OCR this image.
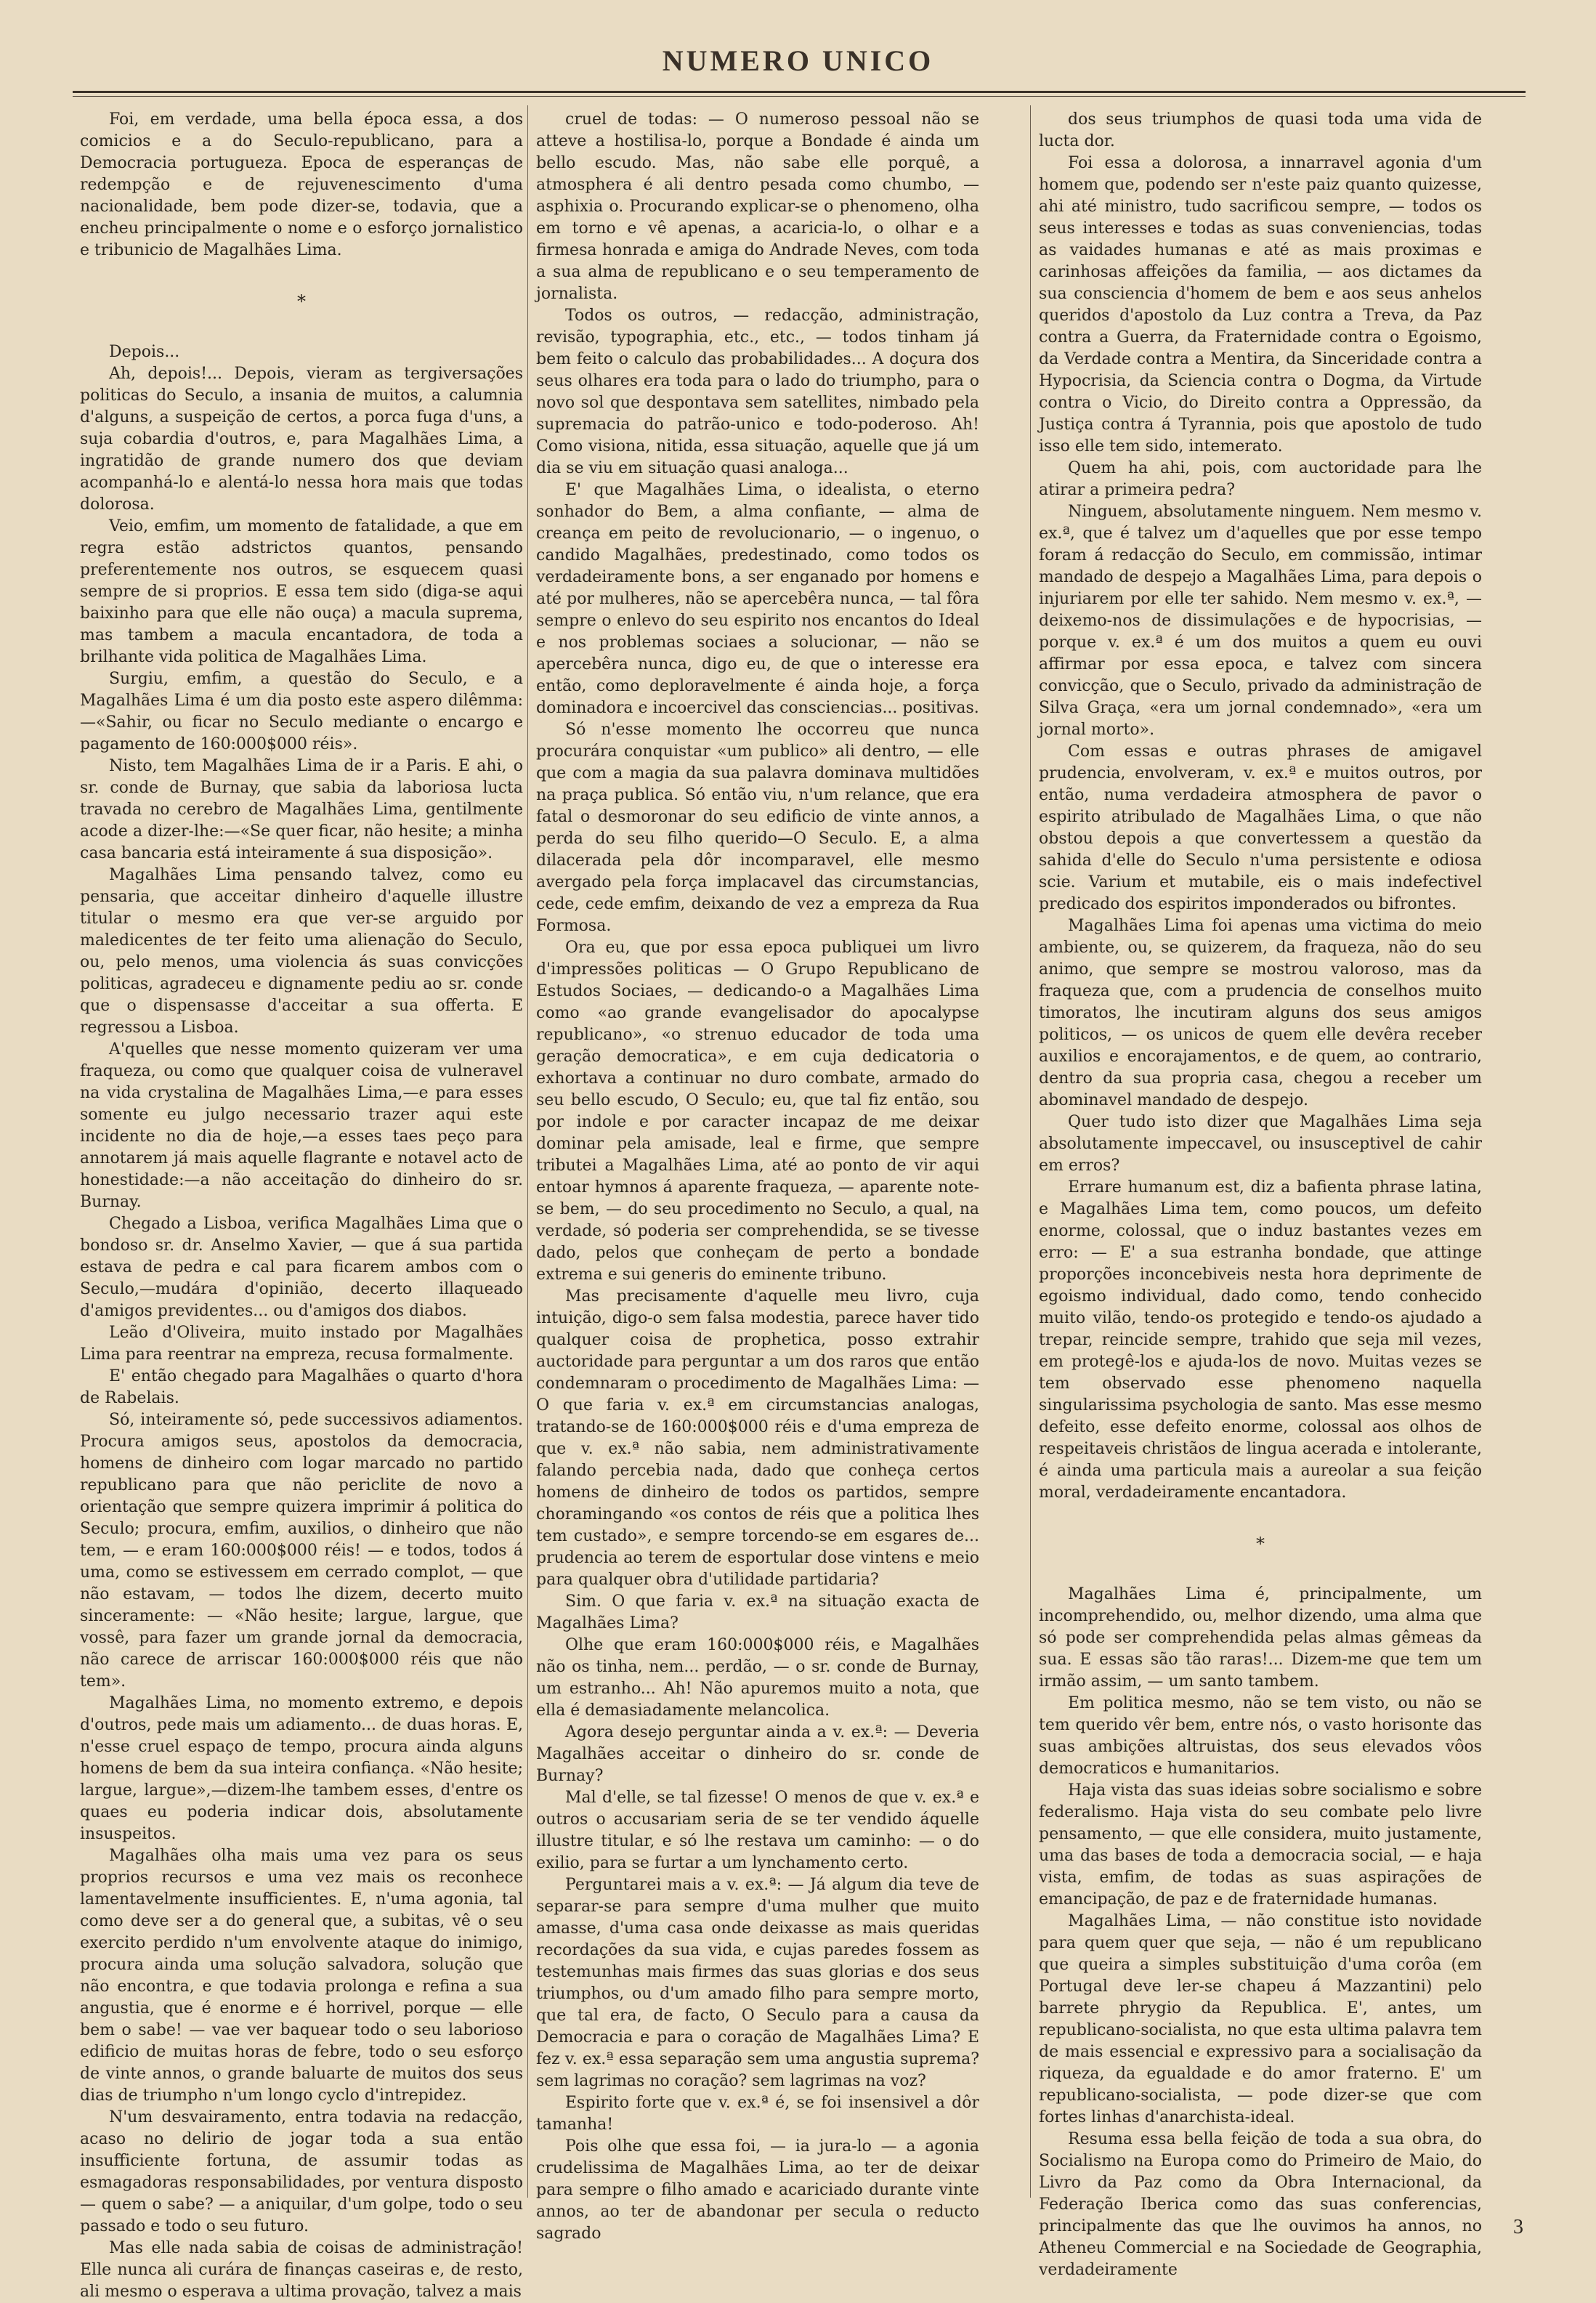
NUMERO UNICO

Foi, em verdade, uma bella época essa, a dos comicios e a do Seculo-republicano, para a Democracia portugueza. Epoca de esperanças de redempção e de rejuvenescimento d'uma nacionalidade, bem pode dizer-se, todavia, que a encheu principalmente o nome e o esforço jornalistico e tribunicio de Magalhães Lima.

*

Depois...

Ah, depois!... Depois, vieram as tergiversações politicas do Seculo, a insania de muitos, a calumnia d'alguns, a suspeição de certos, a porca fuga d'uns, a suja cobardia d'outros, e, para Magalhães Lima, a ingratidão de grande numero dos que deviam acompanhá-lo e alentá-lo nessa hora mais que todas dolorosa.

Veio, emfim, um momento de fatalidade, a que em regra estão adstrictos quantos, pensando preferentemente nos outros, se esquecem quasi sempre de si proprios. E essa tem sido (diga-se aqui baixinho para que elle não ouça) a macula suprema, mas tambem a macula encantadora, de toda a brilhante vida politica de Magalhães Lima.

Surgiu, emfim, a questão do Seculo, e a Magalhães Lima é um dia posto este aspero dilêmma:—«Sahir, ou ficar no Seculo mediante o encargo e pagamento de 160:000$000 réis».

Nisto, tem Magalhães Lima de ir a Paris. E ahi, o sr. conde de Burnay, que sabia da laboriosa lucta travada no cerebro de Magalhães Lima, gentilmente acode a dizer-lhe:—«Se quer ficar, não hesite; a minha casa bancaria está inteiramente á sua disposição».

Magalhães Lima pensando talvez, como eu pensaria, que acceitar dinheiro d'aquelle illustre titular o mesmo era que ver-se arguido por maledicentes de ter feito uma alienação do Seculo, ou, pelo menos, uma violencia ás suas convicções politicas, agradeceu e dignamente pediu ao sr. conde que o dispensasse d'acceitar a sua offerta. E regressou a Lisboa.

A'quelles que nesse momento quizeram ver uma fraqueza, ou como que qualquer coisa de vulneravel na vida crystalina de Magalhães Lima,—e para esses somente eu julgo necessario trazer aqui este incidente no dia de hoje,—a esses taes peço para annotarem já mais aquelle flagrante e notavel acto de honestidade:—a não acceitação do dinheiro do sr. Burnay.

Chegado a Lisboa, verifica Magalhães Lima que o bondoso sr. dr. Anselmo Xavier, — que á sua partida estava de pedra e cal para ficarem ambos com o Seculo,—mudára d'opinião, decerto illaqueado d'amigos previdentes... ou d'amigos dos diabos.

Leão d'Oliveira, muito instado por Magalhães Lima para reentrar na empreza, recusa formalmente.

E' então chegado para Magalhães o quarto d'hora de Rabelais.

Só, inteiramente só, pede successivos adiamentos. Procura amigos seus, apostolos da democracia, homens de dinheiro com logar marcado no partido republicano para que não periclite de novo a orientação que sempre quizera imprimir á politica do Seculo; procura, emfim, auxilios, o dinheiro que não tem, — e eram 160:000$000 réis! — e todos, todos á uma, como se estivessem em cerrado complot, — que não estavam, — todos lhe dizem, decerto muito sinceramente: — «Não hesite; largue, largue, que vossê, para fazer um grande jornal da democracia, não carece de arriscar 160:000$000 réis que não tem».

Magalhães Lima, no momento extremo, e depois d'outros, pede mais um adiamento... de duas horas. E, n'esse cruel espaço de tempo, procura ainda alguns homens de bem da sua inteira confiança. «Não hesite; largue, largue»,—dizem-lhe tambem esses, d'entre os quaes eu poderia indicar dois, absolutamente insuspeitos.

Magalhães olha mais uma vez para os seus proprios recursos e uma vez mais os reconhece lamentavelmente insufficientes. E, n'uma agonia, tal como deve ser a do general que, a subitas, vê o seu exercito perdido n'um envolvente ataque do inimigo, procura ainda uma solução salvadora, solução que não encontra, e que todavia prolonga e refina a sua angustia, que é enorme e é horrivel, porque — elle bem o sabe! — vae ver baquear todo o seu laborioso edificio de muitas horas de febre, todo o seu esforço de vinte annos, o grande baluarte de muitos dos seus dias de triumpho n'um longo cyclo d'intrepidez.

N'um desvairamento, entra todavia na redacção, acaso no delirio de jogar toda a sua então insufficiente fortuna, de assumir todas as esmagadoras responsabilidades, por ventura disposto — quem o sabe? — a aniquilar, d'um golpe, todo o seu passado e todo o seu futuro.

Mas elle nada sabia de coisas de administração! Elle nunca ali curára de finanças caseiras e, de resto, ali mesmo o esperava a ultima provação, talvez a mais

cruel de todas: — O numeroso pessoal não se atteve a hostilisa-lo, porque a Bondade é ainda um bello escudo. Mas, não sabe elle porquê, a atmosphera é ali dentro pesada como chumbo, — asphixia o. Procurando explicar-se o phenomeno, olha em torno e vê apenas, a acaricia-lo, o olhar e a firmesa honrada e amiga do Andrade Neves, com toda a sua alma de republicano e o seu temperamento de jornalista.

Todos os outros, — redacção, administração, revisão, typographia, etc., etc., — todos tinham já bem feito o calculo das probabilidades... A doçura dos seus olhares era toda para o lado do triumpho, para o novo sol que despontava sem satellites, nimbado pela supremacia do patrão-unico e todo-poderoso. Ah! Como visiona, nitida, essa situação, aquelle que já um dia se viu em situação quasi analoga...

E' que Magalhães Lima, o idealista, o eterno sonhador do Bem, a alma confiante, — alma de creança em peito de revolucionario, — o ingenuo, o candido Magalhães, predestinado, como todos os verdadeiramente bons, a ser enganado por homens e até por mulheres, não se apercebêra nunca, — tal fôra sempre o enlevo do seu espirito nos encantos do Ideal e nos problemas sociaes a solucionar, — não se apercebêra nunca, digo eu, de que o interesse era então, como deploravelmente é ainda hoje, a força dominadora e incoercivel das consciencias... positivas.

Só n'esse momento lhe occorreu que nunca procurára conquistar «um publico» ali dentro, — elle que com a magia da sua palavra dominava multidões na praça publica. Só então viu, n'um relance, que era fatal o desmoronar do seu edificio de vinte annos, a perda do seu filho querido—O Seculo. E, a alma dilacerada pela dôr incomparavel, elle mesmo avergado pela força implacavel das circumstancias, cede, cede emfim, deixando de vez a empreza da Rua Formosa.

Ora eu, que por essa epoca publiquei um livro d'impressões politicas — O Grupo Republicano de Estudos Sociaes, — dedicando-o a Magalhães Lima como «ao grande evangelisador do apocalypse republicano», «o strenuo educador de toda uma geração democratica», e em cuja dedicatoria o exhortava a continuar no duro combate, armado do seu bello escudo, O Seculo; eu, que tal fiz então, sou por indole e por caracter incapaz de me deixar dominar pela amisade, leal e firme, que sempre tributei a Magalhães Lima, até ao ponto de vir aqui entoar hymnos á aparente fraqueza, — aparente note-se bem, — do seu procedimento no Seculo, a qual, na verdade, só poderia ser comprehendida, se se tivesse dado, pelos que conheçam de perto a bondade extrema e sui generis do eminente tribuno.

Mas precisamente d'aquelle meu livro, cuja intuição, digo-o sem falsa modestia, parece haver tido qualquer coisa de prophetica, posso extrahir auctoridade para perguntar a um dos raros que então condemnaram o procedimento de Magalhães Lima: — O que faria v. ex.ª em circumstancias analogas, tratando-se de 160:000$000 réis e d'uma empreza de que v. ex.ª não sabia, nem administrativamente falando percebia nada, dado que conheça certos homens de dinheiro de todos os partidos, sempre choramingando «os contos de réis que a politica lhes tem custado», e sempre torcendo-se em esgares de... prudencia ao terem de esportular dose vintens e meio para qualquer obra d'utilidade partidaria?

Sim. O que faria v. ex.ª na situação exacta de Magalhães Lima?

Olhe que eram 160:000$000 réis, e Magalhães não os tinha, nem... perdão, — o sr. conde de Burnay, um estranho... Ah! Não apuremos muito a nota, que ella é demasiadamente melancolica.

Agora desejo perguntar ainda a v. ex.ª: — Deveria Magalhães acceitar o dinheiro do sr. conde de Burnay?

Mal d'elle, se tal fizesse! O menos de que v. ex.ª e outros o accusariam seria de se ter vendido áquelle illustre titular, e só lhe restava um caminho: — o do exilio, para se furtar a um lynchamento certo.

Perguntarei mais a v. ex.ª: — Já algum dia teve de separar-se para sempre d'uma mulher que muito amasse, d'uma casa onde deixasse as mais queridas recordações da sua vida, e cujas paredes fossem as testemunhas mais firmes das suas glorias e dos seus triumphos, ou d'um amado filho para sempre morto, que tal era, de facto, O Seculo para a causa da Democracia e para o coração de Magalhães Lima? E fez v. ex.ª essa separação sem uma angustia suprema? sem lagrimas no coração? sem lagrimas na voz?

Espirito forte que v. ex.ª é, se foi insensivel a dôr tamanha!

Pois olhe que essa foi, — ia jura-lo — a agonia crudelissima de Magalhães Lima, ao ter de deixar para sempre o filho amado e acariciado durante vinte annos, ao ter de abandonar per secula o reducto sagrado

dos seus triumphos de quasi toda uma vida de lucta dor.

Foi essa a dolorosa, a innarravel agonia d'um homem que, podendo ser n'este paiz quanto quizesse, ahi até ministro, tudo sacrificou sempre, — todos os seus interesses e todas as suas conveniencias, todas as vaidades humanas e até as mais proximas e carinhosas affeições da familia, — aos dictames da sua consciencia d'homem de bem e aos seus anhelos queridos d'apostolo da Luz contra a Treva, da Paz contra a Guerra, da Fraternidade contra o Egoismo, da Verdade contra a Mentira, da Sinceridade contra a Hypocrisia, da Sciencia contra o Dogma, da Virtude contra o Vicio, do Direito contra a Oppressão, da Justiça contra á Tyrannia, pois que apostolo de tudo isso elle tem sido, intemerato.

Quem ha ahi, pois, com auctoridade para lhe atirar a primeira pedra?

Ninguem, absolutamente ninguem. Nem mesmo v. ex.ª, que é talvez um d'aquelles que por esse tempo foram á redacção do Seculo, em commissão, intimar mandado de despejo a Magalhães Lima, para depois o injuriarem por elle ter sahido. Nem mesmo v. ex.ª, — deixemo-nos de dissimulações e de hypocrisias, — porque v. ex.ª é um dos muitos a quem eu ouvi affirmar por essa epoca, e talvez com sincera convicção, que o Seculo, privado da administração de Silva Graça, «era um jornal condemnado», «era um jornal morto».

Com essas e outras phrases de amigavel prudencia, envolveram, v. ex.ª e muitos outros, por então, numa verdadeira atmosphera de pavor o espirito atribulado de Magalhães Lima, o que não obstou depois a que convertessem a questão da sahida d'elle do Seculo n'uma persistente e odiosa scie. Varium et mutabile, eis o mais indefectivel predicado dos espiritos imponderados ou bifrontes.

Magalhães Lima foi apenas uma victima do meio ambiente, ou, se quizerem, da fraqueza, não do seu animo, que sempre se mostrou valoroso, mas da fraqueza que, com a prudencia de conselhos muito timoratos, lhe incutiram alguns dos seus amigos politicos, — os unicos de quem elle devêra receber auxilios e encorajamentos, e de quem, ao contrario, dentro da sua propria casa, chegou a receber um abominavel mandado de despejo.

Quer tudo isto dizer que Magalhães Lima seja absolutamente impeccavel, ou insusceptivel de cahir em erros?

Errare humanum est, diz a bafienta phrase latina, e Magalhães Lima tem, como poucos, um defeito enorme, colossal, que o induz bastantes vezes em erro: — E' a sua estranha bondade, que attinge proporções inconcebiveis nesta hora deprimente de egoismo individual, dado como, tendo conhecido muito vilão, tendo-os protegido e tendo-os ajudado a trepar, reincide sempre, trahido que seja mil vezes, em protegê-los e ajuda-los de novo. Muitas vezes se tem observado esse phenomeno naquella singularissima psychologia de santo. Mas esse mesmo defeito, esse defeito enorme, colossal aos olhos de respeitaveis christãos de lingua acerada e intolerante, é ainda uma particula mais a aureolar a sua feição moral, verdadeiramente encantadora.

*

Magalhães Lima é, principalmente, um incomprehendido, ou, melhor dizendo, uma alma que só pode ser comprehendida pelas almas gêmeas da sua. E essas são tão raras!... Dizem-me que tem um irmão assim, — um santo tambem.

Em politica mesmo, não se tem visto, ou não se tem querido vêr bem, entre nós, o vasto horisonte das suas ambições altruistas, dos seus elevados vôos democraticos e humanitarios.

Haja vista das suas ideias sobre socialismo e sobre federalismo. Haja vista do seu combate pelo livre pensamento, — que elle considera, muito justamente, uma das bases de toda a democracia social, — e haja vista, emfim, de todas as suas aspirações de emancipação, de paz e de fraternidade humanas.

Magalhães Lima, — não constitue isto novidade para quem quer que seja, — não é um republicano que queira a simples substituição d'uma corôa (em Portugal deve ler-se chapeu á Mazzantini) pelo barrete phrygio da Republica. E', antes, um republicano-socialista, no que esta ultima palavra tem de mais essencial e expressivo para a socialisação da riqueza, da egualdade e do amor fraterno. E' um republicano-socialista, — pode dizer-se que com fortes linhas d'anarchista-ideal.

Resuma essa bella feição de toda a sua obra, do Socialismo na Europa como do Primeiro de Maio, do Livro da Paz como da Obra Internacional, da Federação Iberica como das suas conferencias, principalmente das que lhe ouvimos ha annos, no Atheneu Commercial e na Sociedade de Geographia, verdadeiramente

3
